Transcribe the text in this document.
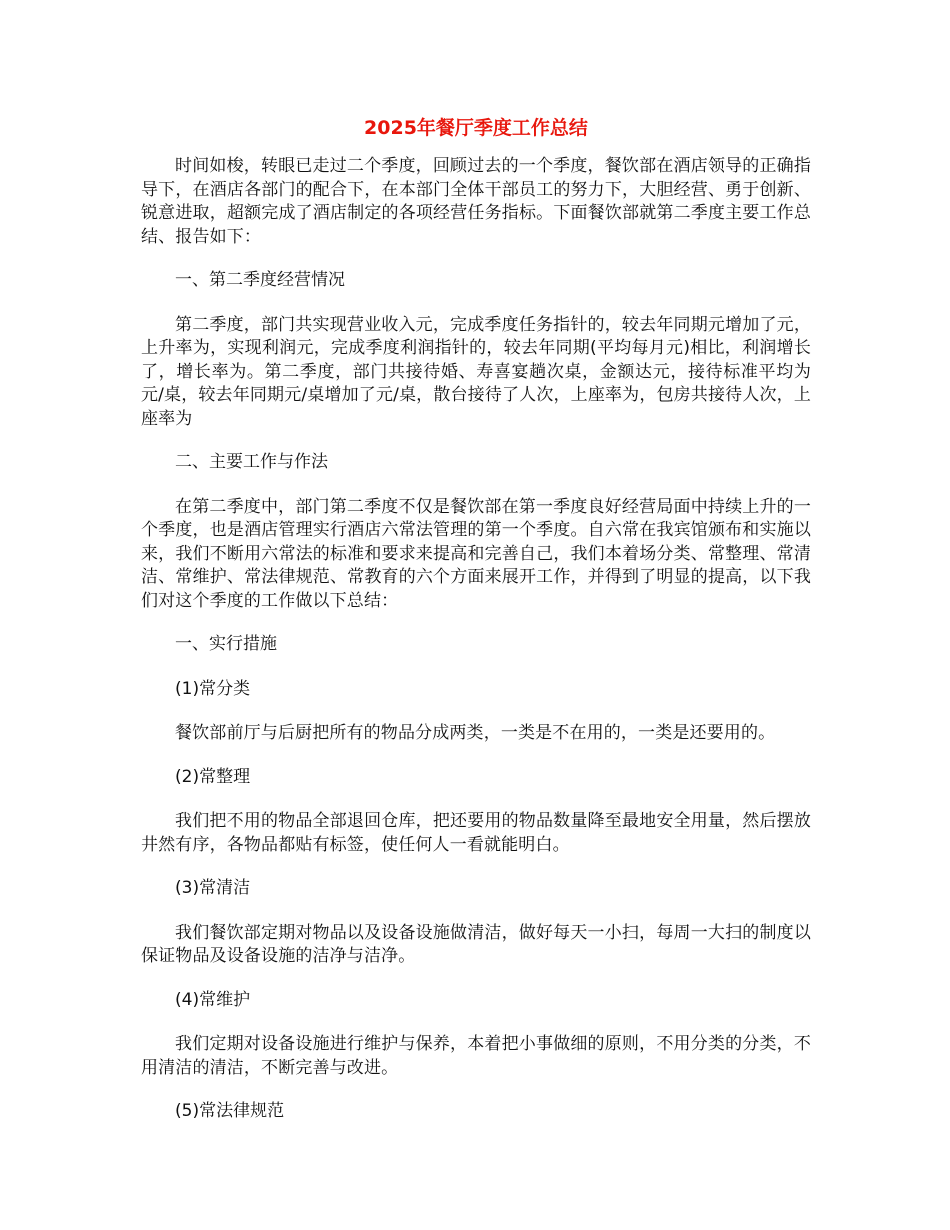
2025年餐厅季度工作总结

时间如梭，转眼已走过二个季度，回顾过去的一个季度，餐饮部在酒店领导的正确指导下，在酒店各部门的配合下，在本部门全体干部员工的努力下，大胆经营、勇于创新、锐意进取，超额完成了酒店制定的各项经营任务指标。下面餐饮部就第二季度主要工作总结、报告如下：

一、第二季度经营情况

第二季度，部门共实现营业收入元，完成季度任务指针的，较去年同期元增加了元，上升率为，实现利润元，完成季度利润指针的，较去年同期(平均每月元)相比，利润增长了，增长率为。第二季度，部门共接待婚、寿喜宴趟次桌，金额达元，接待标准平均为元/桌，较去年同期元/桌增加了元/桌，散台接待了人次，上座率为，包房共接待人次，上座率为

二、主要工作与作法

在第二季度中，部门第二季度不仅是餐饮部在第一季度良好经营局面中持续上升的一个季度，也是酒店管理实行酒店六常法管理的第一个季度。自六常在我宾馆颁布和实施以来，我们不断用六常法的标准和要求来提高和完善自己，我们本着场分类、常整理、常清洁、常维护、常法律规范、常教育的六个方面来展开工作，并得到了明显的提高，以下我们对这个季度的工作做以下总结：

一、实行措施

(1)常分类

餐饮部前厅与后厨把所有的物品分成两类，一类是不在用的，一类是还要用的。

(2)常整理

我们把不用的物品全部退回仓库，把还要用的物品数量降至最地安全用量，然后摆放井然有序，各物品都贴有标签，使任何人一看就能明白。

(3)常清洁

我们餐饮部定期对物品以及设备设施做清洁，做好每天一小扫，每周一大扫的制度以保证物品及设备设施的洁净与洁净。

(4)常维护

我们定期对设备设施进行维护与保养，本着把小事做细的原则，不用分类的分类，不用清洁的清洁，不断完善与改进。

(5)常法律规范
